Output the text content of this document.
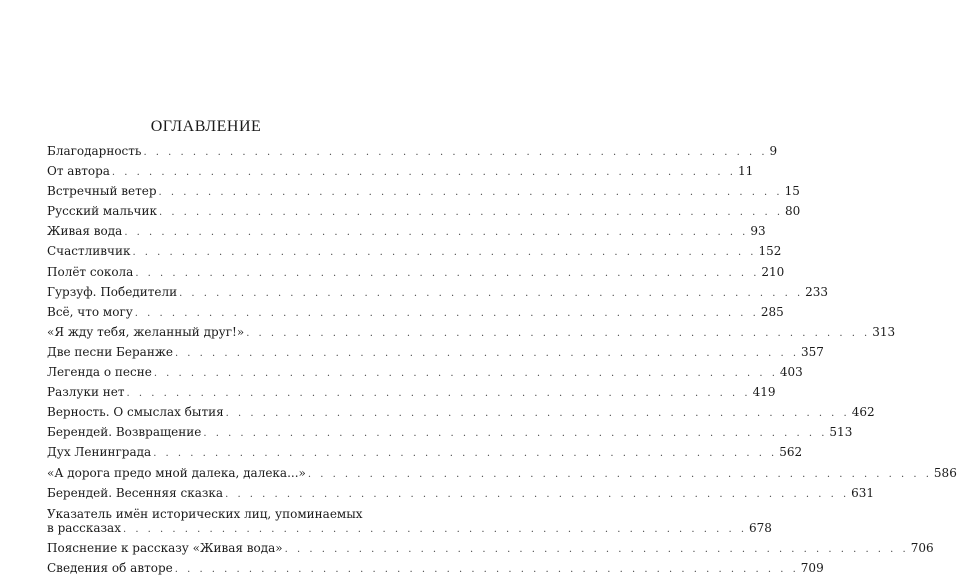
ОГЛАВЛЕНИЕ
Благодарность . . . . . . . . . . . . . . . . . . . . . . . . . . . . . . . . . . . . . . . . . . . . . . . . . . . 9
От автора . . . . . . . . . . . . . . . . . . . . . . . . . . . . . . . . . . . . . . . . . . . . . . . . . . . 11
Встречный ветер . . . . . . . . . . . . . . . . . . . . . . . . . . . . . . . . . . . . . . . . . . . . . . . . . . . 15
Русский мальчик . . . . . . . . . . . . . . . . . . . . . . . . . . . . . . . . . . . . . . . . . . . . . . . . . . . 80
Живая вода . . . . . . . . . . . . . . . . . . . . . . . . . . . . . . . . . . . . . . . . . . . . . . . . . . . 93
Счастливчик . . . . . . . . . . . . . . . . . . . . . . . . . . . . . . . . . . . . . . . . . . . . . . . . . . . 152
Полёт сокола . . . . . . . . . . . . . . . . . . . . . . . . . . . . . . . . . . . . . . . . . . . . . . . . . . . 210
Гурзуф. Победители . . . . . . . . . . . . . . . . . . . . . . . . . . . . . . . . . . . . . . . . . . . . . . . . . . . 233
Всё, что могу . . . . . . . . . . . . . . . . . . . . . . . . . . . . . . . . . . . . . . . . . . . . . . . . . . . 285
«Я жду тебя, желанный друг!» . . . . . . . . . . . . . . . . . . . . . . . . . . . . . . . . . . . . . . . . . . . . . . . . . . . 313
Две песни Беранже . . . . . . . . . . . . . . . . . . . . . . . . . . . . . . . . . . . . . . . . . . . . . . . . . . . 357
Легенда о песне . . . . . . . . . . . . . . . . . . . . . . . . . . . . . . . . . . . . . . . . . . . . . . . . . . . 403
Разлуки нет . . . . . . . . . . . . . . . . . . . . . . . . . . . . . . . . . . . . . . . . . . . . . . . . . . . 419
Верность. О смыслах бытия . . . . . . . . . . . . . . . . . . . . . . . . . . . . . . . . . . . . . . . . . . . . . . . . . . . 462
Берендей. Возвращение . . . . . . . . . . . . . . . . . . . . . . . . . . . . . . . . . . . . . . . . . . . . . . . . . . . 513
Дух Ленинграда . . . . . . . . . . . . . . . . . . . . . . . . . . . . . . . . . . . . . . . . . . . . . . . . . . . 562
«А дорога предо мной далека, далека...» . . . . . . . . . . . . . . . . . . . . . . . . . . . . . . . . . . . . . . . . . . . . . . . . . . . 586
Берендей. Весенняя сказка . . . . . . . . . . . . . . . . . . . . . . . . . . . . . . . . . . . . . . . . . . . . . . . . . . . 631
Указатель имён исторических лиц, упоминаемых
в рассказах . . . . . . . . . . . . . . . . . . . . . . . . . . . . . . . . . . . . . . . . . . . . . . . . . . . 678
Пояснение к рассказу «Живая вода» . . . . . . . . . . . . . . . . . . . . . . . . . . . . . . . . . . . . . . . . . . . . . . . . . . . 706
Сведения об авторе . . . . . . . . . . . . . . . . . . . . . . . . . . . . . . . . . . . . . . . . . . . . . . . . . . . 709
